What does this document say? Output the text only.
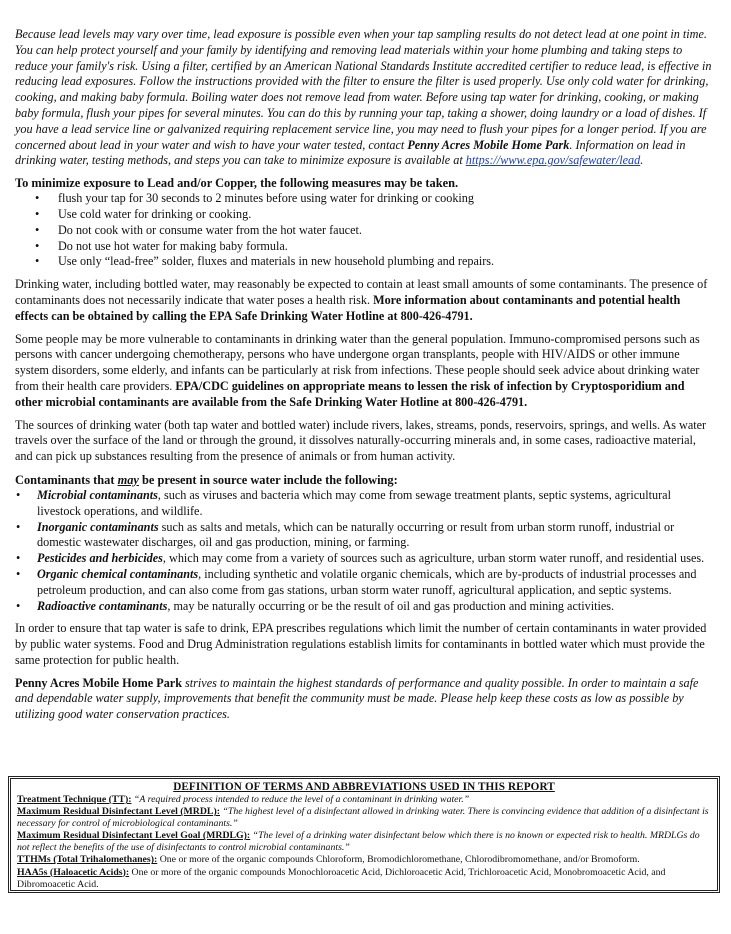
Because lead levels may vary over time, lead exposure is possible even when your tap sampling results do not detect lead at one point in time. You can help protect yourself and your family by identifying and removing lead materials within your home plumbing and taking steps to reduce your family's risk. Using a filter, certified by an American National Standards Institute accredited certifier to reduce lead, is effective in reducing lead exposures. Follow the instructions provided with the filter to ensure the filter is used properly. Use only cold water for drinking, cooking, and making baby formula. Boiling water does not remove lead from water. Before using tap water for drinking, cooking, or making baby formula, flush your pipes for several minutes. You can do this by running your tap, taking a shower, doing laundry or a load of dishes. If you have a lead service line or galvanized requiring replacement service line, you may need to flush your pipes for a longer period. If you are concerned about lead in your water and wish to have your water tested, contact Penny Acres Mobile Home Park. Information on lead in drinking water, testing methods, and steps you can take to minimize exposure is available at https://www.epa.gov/safewater/lead.

To minimize exposure to Lead and/or Copper, the following measures may be taken.

• flush your tap for 30 seconds to 2 minutes before using water for drinking or cooking
• Use cold water for drinking or cooking.
• Do not cook with or consume water from the hot water faucet.
• Do not use hot water for making baby formula.
• Use only “lead-free” solder, fluxes and materials in new household plumbing and repairs.

Drinking water, including bottled water, may reasonably be expected to contain at least small amounts of some contaminants. The presence of contaminants does not necessarily indicate that water poses a health risk. More information about contaminants and potential health effects can be obtained by calling the EPA Safe Drinking Water Hotline at 800-426-4791.

Some people may be more vulnerable to contaminants in drinking water than the general population. Immuno-compromised persons such as persons with cancer undergoing chemotherapy, persons who have undergone organ transplants, people with HIV/AIDS or other immune system disorders, some elderly, and infants can be particularly at risk from infections. These people should seek advice about drinking water from their health care providers. EPA/CDC guidelines on appropriate means to lessen the risk of infection by Cryptosporidium and other microbial contaminants are available from the Safe Drinking Water Hotline at 800-426-4791.

The sources of drinking water (both tap water and bottled water) include rivers, lakes, streams, ponds, reservoirs, springs, and wells. As water travels over the surface of the land or through the ground, it dissolves naturally-occurring minerals and, in some cases, radioactive material, and can pick up substances resulting from the presence of animals or from human activity.

Contaminants that may be present in source water include the following:

• Microbial contaminants, such as viruses and bacteria which may come from sewage treatment plants, septic systems, agricultural livestock operations, and wildlife.
• Inorganic contaminants such as salts and metals, which can be naturally occurring or result from urban storm runoff, industrial or domestic wastewater discharges, oil and gas production, mining, or farming.
• Pesticides and herbicides, which may come from a variety of sources such as agriculture, urban storm water runoff, and residential uses.
• Organic chemical contaminants, including synthetic and volatile organic chemicals, which are by-products of industrial processes and petroleum production, and can also come from gas stations, urban storm water runoff, agricultural application, and septic systems.
• Radioactive contaminants, may be naturally occurring or be the result of oil and gas production and mining activities.

In order to ensure that tap water is safe to drink, EPA prescribes regulations which limit the number of certain contaminants in water provided by public water systems. Food and Drug Administration regulations establish limits for contaminants in bottled water which must provide the same protection for public health.

Penny Acres Mobile Home Park strives to maintain the highest standards of performance and quality possible. In order to maintain a safe and dependable water supply, improvements that benefit the community must be made. Please help keep these costs as low as possible by utilizing good water conservation practices.

DEFINITION OF TERMS AND ABBREVIATIONS USED IN THIS REPORT
Treatment Technique (TT): “A required process intended to reduce the level of a contaminant in drinking water.”
Maximum Residual Disinfectant Level (MRDL): “The highest level of a disinfectant allowed in drinking water. There is convincing evidence that addition of a disinfectant is necessary for control of microbiological contaminants.”
Maximum Residual Disinfectant Level Goal (MRDLG): “The level of a drinking water disinfectant below which there is no known or expected risk to health. MRDLGs do not reflect the benefits of the use of disinfectants to control microbial contaminants.”
TTHMs (Total Trihalomethanes): One or more of the organic compounds Chloroform, Bromodichloromethane, Chlorodibromomethane, and/or Bromoform.
HAA5s (Haloacetic Acids): One or more of the organic compounds Monochloroacetic Acid, Dichloroacetic Acid, Trichloroacetic Acid, Monobromoacetic Acid, and Dibromoacetic Acid.
